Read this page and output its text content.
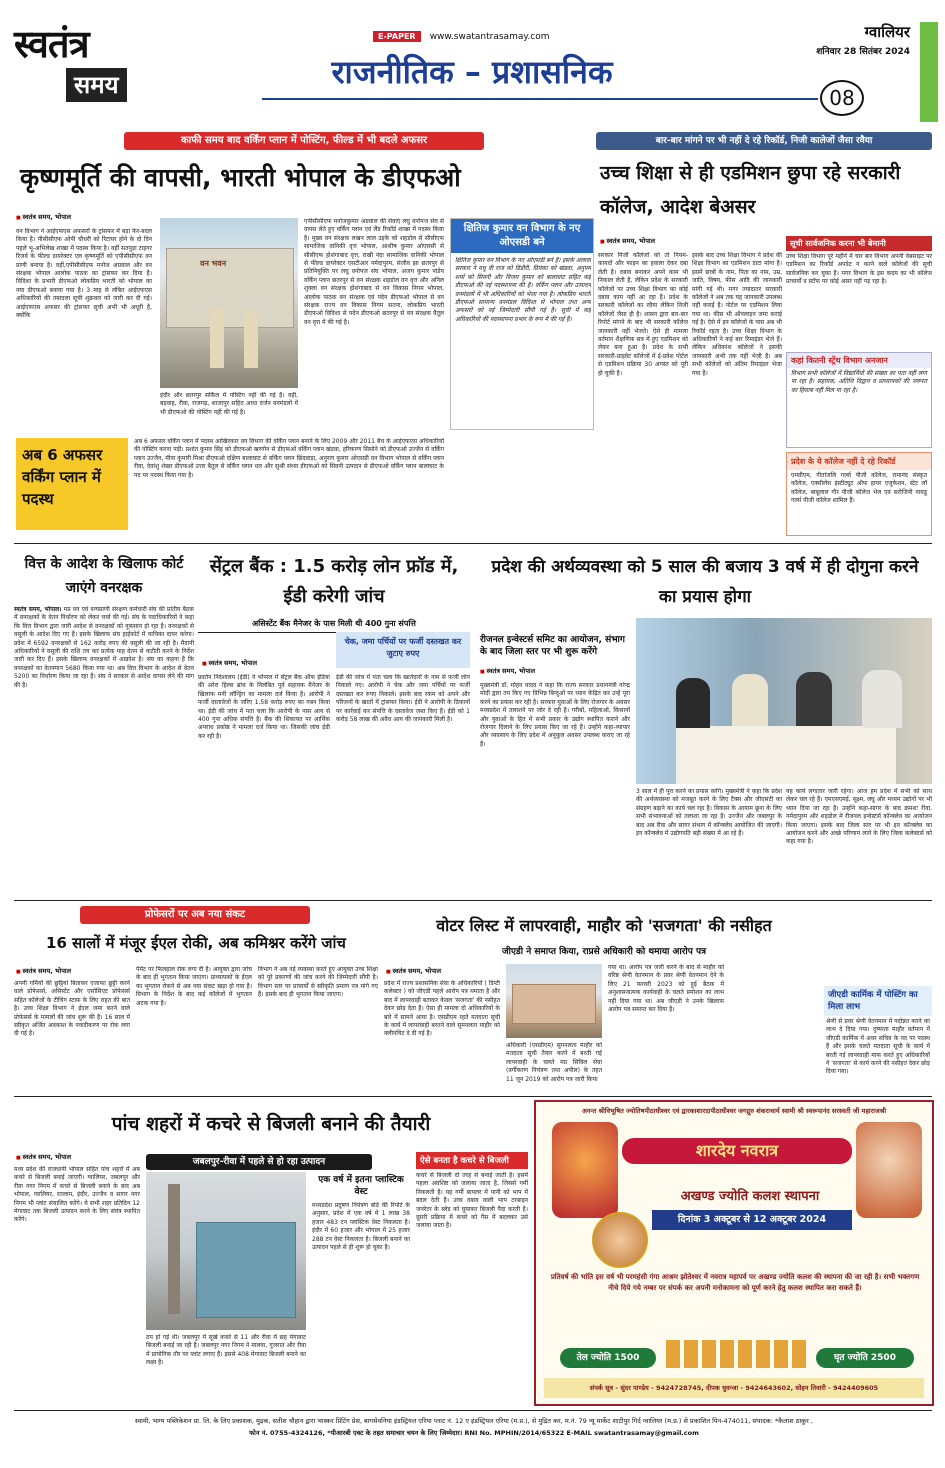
स्वतंत्र
समय
E-PAPER www.swatantrasamay.com
राजनीतिक – प्रशासनिक
ग्वालियर
शनिवार 28 सितंबर 2024
08
काफी समय बाद वर्किंग प्लान में पोस्टिंग, फील्ड में भी बदले अफसर
कृष्णमूर्ति की वापसी, भारती भोपाल के डीएफओ
■ स्वतंत्र समय, भोपाल
वन विभाग ने आईएफएस अफसरों के ट्रांसफर में बड़ा फेर-बदल किया है। पीसीसीएफ ओपी चौधरी को रिटायर होने के दो दिन पहले भू-अभिलेख शाखा में पदस्थ किया है। वहीं सतपुड़ा टाइगर रिजर्व के फील्ड डायरेक्टर एल कृष्णमूर्ति को एपीसीसीएफ वन प्राणी बनाया है। वहीं,एपीसीसीएफ मनोज अग्रवाल और वन संरक्षक भोपाल आलोक पाठक का ट्रांसफर कर दिया है। विदिशा के प्रभारी डीएफओ लोकप्रिय भारती को भोपाल का नया डीएफओ बनाया गया है। 3 माह से लंबित आईएफएस अधिकारियों की तबादला सूची शुक्रवार को जारी कर दी गई। आईएफएस अफसर की ट्रांसफर सूची अभी भी अधूरी है, क्योंकि
वन भवन
इंदौर और छतरपुर सर्किल में पोस्टिंग नहीं की गई है। वहीं, बड़वाह, रीवा, राजगढ़, शाजापुर सहित आधा दर्जन वनमंडलों में भी डीएफओ की पोस्टिंग नहीं की गई है।
एपीसीसीएफ मनोजकुमार अग्रवाल की सेवाएं लघु वनोपज संघ से वापस लेते हुए वर्किंग प्लान एवं लैंड रिकॉर्ड शाखा में पदस्थ किया है। मुख्य वन संरक्षक लखन लाल उइके को शहडोल से सीसीएफ सामाजिक वानिकी वृत्त भोपाल, आशीष कुमार ओएससी से सीसीएफ होशंगाबाद वृत्त, राखी नंदा सामाजिक वानिकी भोपाल से फील्ड डायरेक्टर एसटीआर नर्मदापुरम, संजीव झा छतरपुर से प्रतिनियुक्ति पर लघु वनोपज संघ भोपाल, अजय कुमार पांडेय वर्किंग प्लान छतरपुर से वन संरक्षक शहडोल वन वृत्त और अनिल शुक्ला वन संरक्षक होशंगाबाद से वन विकास निगम भोपाल, आलोक पाठक वन संरक्षक एवं पदेन डीएफओ भोपाल से वन संरक्षक राज्य वन विकास निगम सतना, लोकप्रिय भारती डीएफओ विदिशा से पदेन डीएफओ छतरपुर से वन संरक्षक वैतूल वन वृत्त में की गई है।
क्षितिज कुमार वन विभाग के नए ओएसडी बने
क्षितिज कुमार वन विभाग के नए ओएसडी बने हैं। इसके अलावा सरकार ने मधु वी राज को डिंडौरी, प्रियंका को खंडवा, अनुपम शर्मा को सिवनी और विजय कुमार को बालाघाट सहित कई डीएफओ की नई पदस्थापना की है। वर्किंग प्लान और उत्पादन वनमंडलों में भी अधिकारियों को भेजा गया है। लोकप्रिय भारती डीएफओ सामान्य वनमंडल विदिशा से भोपाल तथा अन्य अफसरों को नई जिम्मेदारी सौंपी गई है। सूची में कई अधिकारियों की पदस्थापना प्रभार के रूप में की गई है।
अब 6 अफसर वर्किंग प्लान में पदस्थ
अब 6 अफसर वर्किंग प्लान में पदस्थ आखिरकार वन विभाग की वर्किंग प्लान बनाने के लिए 2009 और 2011 बैच के आईएफएस अधिकारियों की पोस्टिंग करना पड़ी। प्रशांत कुमार सिंह को डीएफओ खरगोन से डीएफओ वर्किंग प्लान खंडवा, हरिकरण सिसोने को डीएफओ उज्जैन से वर्किंग प्लान उज्जैन, मीना कुमारी मिश्रा डीएफओ दक्षिण बालाघाट से वर्किंग प्लान छिंदवाड़ा, अनुराग कुमार ओएसडी वन विभाग भोपाल से वर्किंग प्लान रीवा, देवांशु शेखर डीएफओ उत्तर बैतूल से वर्किंग प्लान धार और सुश्री संध्या डीएफओ को सिवनी उत्पादन से डीएफओ वर्किंग प्लान बालाघाट के पद पर पदस्थ किया गया है।
बार-बार मांगने पर भी नहीं दे रहे रिकॉर्ड, निजी कालेजों जैसा रवैया
उच्च शिक्षा से ही एडमिशन छुपा रहे सरकारी कॉलेज, आदेश बेअसर
■ स्वतंत्र समय, भोपाल
सरकार निजी कॉलेजों को तो नियम-कायदों और फाइन का हवाला देकर दबा लेती है। दबाव बनाकर अपने काम भी निकाल लेती है, लेकिन प्रदेश के सरकारी कॉलेजों पर उच्च शिक्षा विभाग का कोई दबाव काम नहीं आ रहा है। प्रदेश के सरकारी कॉलेजों का रवैया लेकिन निजी कॉलेजों जैसा ही है। शासन द्वारा बार-बार रिपोर्ट मांगने के बाद भी सरकारी कॉलेज जानकारी नहीं भेजते। ऐसे ही मामला वर्तमान शैक्षणिक सत्र में हुए एडमिशन को लेकर बना हुआ है। प्रदेश के सभी सरकारी-प्राइवेट कॉलेजों में ई-प्रवेश पोर्टल से एडमिशन प्रक्रिया 30 अगस्त को पूरी हो चुकी है।
इसके बाद उच्च शिक्षा विभाग ने प्रदेश की शिक्षा विभाग का एडमिशन डाटा मांगा है। इसमें छात्रों के नाम, पिता का नाम, उम्र, जाति, विषय, फीस आदि की जानकारी मांगी गई थी। मगर ज्यादातर सरकारी कॉलेजों ने अब तक यह जानकारी उपलब्ध नहीं कराई है। पोर्टल पर एडमिशन लिया गया था। फीस भी ऑनलाइन जमा कराई गई है। ऐसे में इन कॉलेजों के पास अब भी रिकॉर्ड रहता है। उच्च शिक्षा विभाग के अधिकारियों ने कई बार रिमाइंडर भेजे हैं। लेकिन अधिकांश कॉलेजों ने इसकी जानकारी अभी तक नहीं भेजी है। अब सभी कॉलेजों को अंतिम रिमाइंडर भेजा गया है।
सूची सार्वजनिक करना भी बेमानी
उच्च शिक्षा विभाग पूरे महीने में चार बार विभाग अपनी वेबसाइट पर एडमिशन का रिकॉर्ड अपडेट न करने वाले कॉलेजों की सूची सार्वजनिक कर चुका है। मगर विभाग के इस कदम का भी कॉलेज प्राचार्यों व स्टॉफ पर कोई असर नहीं पड़ रहा है।
कहां कितनी स्ट्रेंथ विभाग अनजान
विभाग सभी कॉलेजों में विद्यार्थियों की संख्या का पता नहीं लगा पा रहा है। सहायक, अतिथि विद्वान व प्राध्यापकों की जरूरत का हिसाब नहीं मिल पा रहा है।
प्रदेश के ये कॉलेज नहीं दे रहे रिकॉर्ड
एमवीएम, गीतांजलि गर्ल्स पीजी कॉलेज, रामानंद संस्कृत कॉलेज, एक्सीलेंस इंस्टीट्यूट ऑफ हायर एजुकेशन, स्टेट लॉ कॉलेज, बाबूलाल गौर पीजी कॉलेज भेल एवं सरोजिनी नायडू गर्ल्स पीजी कॉलेज शामिल हैं।
वित्त के आदेश के खिलाफ कोर्ट जाएंगे वनरक्षक
स्वतंत्र समय, भोपाल। मप्र वन एवं वन्यप्राणी संरक्षण कर्मचारी संघ की प्रांतीय बैठक में वनरक्षकों के वेतन निर्धारण को लेकर चर्चा की गई। संघ के पदाधिकारियों ने कहा कि वित्त विभाग द्वारा जारी आदेश से वनरक्षकों को नुकसान हो रहा है। वनरक्षकों से वसूली के आदेश दिए गए हैं। इसके खिलाफ संघ हाईकोर्ट में याचिका दायर करेगा। प्रदेश में 6592 वनरक्षकों से 162 करोड़ रुपए की वसूली की जा रही है। मैदानी अधिकारियों ने वसूली की राशि तय कर प्रत्येक माह वेतन से कटौती करने के निर्देश जारी कर दिए हैं। इसके खिलाफ वनरक्षकों में आक्रोश है। संघ का कहना है कि वनरक्षकों का वेतनमान 5680 किया गया था। अब वित्त विभाग के आदेश से वेतन 5200 का निर्धारण किया जा रहा है। संघ ने सरकार से आदेश वापस लेने की मांग की है।
सेंट्रल बैंक : 1.5 करोड़ लोन फ्रॉड में, ईडी करेगी जांच
असिस्टेंट बैंक मैनेजर के पास मिली थी 400 गुना संपत्ति
■ स्वतंत्र समय, भोपाल
प्रवर्तन निदेशालय (ईडी) ने भोपाल में सेंट्रल बैंक ऑफ इंडिया की अरेरा हिल्स ब्रांच के निलंबित पूर्व सहायक मैनेजर के खिलाफ मनी लॉन्ड्रिंग का मामला दर्ज किया है। आरोपी ने फर्जी दस्तावेजों के जरिए 1.58 करोड़ रुपए का गबन किया था। ईडी की जांच में पता चला कि आरोपी के पास आय से 400 गुना अधिक संपत्ति है। बैंक की शिकायत पर आर्थिक अपराध प्रकोष्ठ ने मामला दर्ज किया था। जिसकी जांच ईडी कर रही है।
चेक, जमा पर्चियों पर फर्जी दस्तखत कर जुटाए रुपए
ईडी की जांच में पता चला कि खातेदारों के नाम से फर्जी लोन निकाले गए। आरोपी ने चेक और जमा पर्चियों पर फर्जी दस्तखत कर रुपए निकाले। इसके बाद रकम को अपने और परिजनों के खातों में ट्रांसफर किया। ईडी ने आरोपी के ठिकानों पर कार्रवाई कर संपत्ति के दस्तावेज जब्त किए हैं। ईडी को 1 करोड़ 58 लाख की अवैध आय की जानकारी मिली है।
प्रदेश की अर्थव्यवस्था को 5 साल की बजाय 3 वर्ष में ही दोगुना करने का प्रयास होगा
रीजनल इन्वेस्टर्स समिट का आयोजन, संभाग के बाद जिला स्तर पर भी शुरू करेंगे
■ स्वतंत्र समय, भोपाल
मुख्यमंत्री डॉ. मोहन यादव ने कहा कि राज्य सरकार प्रधानमंत्री नरेन्द्र मोदी द्वारा तय किए गए विभिन्न बिन्दुओं पर ध्यान केंद्रित कर उन्हें पूरा करने का प्रयास कर रही है। सरकार युवाओं के लिए रोजगार के अवसर मध्यप्रदेश में तलाशने पर जोर दे रही है। गरीबों, महिलाओं, किसानों और युवाओं के हित में सभी प्रकार के उद्योग स्थापित कराने और रोजगार दिलाने के लिए प्रयास किए जा रहे हैं। उन्होंने कहा-व्यापार और व्यवसाय के लिए प्रदेश में अनुकूल अवसर उपलब्ध कराए जा रहे हैं।
3 साल में ही पूरा करने का प्रयास करेंगे। मुख्यमंत्री ने कहा कि प्रदेश की अर्थव्यवस्था को मजबूत करने के लिए टैक्स और जीएसटी का संग्रहण बढ़ाने का कार्य चल रहा है। विकास के आयाम छूना के लिए सभी संभावनाओं को तलाशा जा रहा है। उज्जैन और जबलपुर के बाद अब रीवा और सागर संभाग में कॉन्क्लेव आयोजित की जाएगी। इन कॉन्क्लेव में उद्योगपति बड़ी संख्या में आ रहे हैं।
यह कार्य लगातार जारी रहेगा। आज हम प्रदेश में सभी को साथ लेकर चल रहे हैं। एमएसएमई, सूक्ष्म, लघु और मध्यम उद्योगों पर भी ध्यान दिया जा रहा है। उन्होंने कहा-सागर के बाद क्रमशः रीवा, नर्मदापुरम और शहडोल में रीजनल इन्वेस्टर्स कॉन्क्लेव का आयोजन किया जाएगा। इसके बाद जिला स्तर पर भी इन कॉन्क्लेव का आयोजन करने और अच्छे परिणाम लाने के लिए जिला कलेक्टर्स को कहा गया है।
प्रोफेसरों पर अब नया संकट
16 सालों में मंजूर ईएल रोकी, अब कमिश्नर करेंगे जांच
■ स्वतंत्र समय, भोपाल
अपनी गर्मियों की छुट्टियां बिताकर एजाफा छुट्टी करने वाले प्रोफेसर्स, असिस्टेंट और एसोसिएट प्रोफेसर्स सहित कॉलेजों के टीचिंग स्टाफ़ के लिए राहत की बात है। उच्च शिक्षा विभाग ने ईएल जमा करने वाले प्रोफेसर्स के मामलों की जांच शुरू की है। 16 साल में स्वीकृत अर्जित अवकाश के नकदीकरण पर रोक लगा दी गई है।
पेमेंट पर फिलहाल रोक लगा दी है। आयुक्त द्वारा जांच के बाद ही भुगतान किया जाएगा। प्राध्यापकों के ईएल का भुगतान रोकने से अब नया संकट खड़ा हो गया है। विभाग के निर्देश के बाद कई कॉलेजों में भुगतान अटक गया है।
विभाग ने अब नई व्यवस्था करते हुए आयुक्त उच्च शिक्षा को पूरे प्रकरणों की जांच करने की जिम्मेदारी सौंपी है। विभाग स्तर पर प्राचार्यों से स्वीकृति प्रमाण पत्र मांगे गए हैं। इसके बाद ही भुगतान किया जाएगा।
वोटर लिस्ट में लापरवाही, माहौर को 'सजगता' की नसीहत
जीएडी ने समाप्त किया, राप्रसे अधिकारी को थमाया आरोप पत्र
■ स्वतंत्र समय, भोपाल
प्रदेश में राज्य प्रशासनिक सेवा के अधिकारियों ( डिप्टी कलेक्टर ) को जीएडी पहले आरोप पत्र थमाता है और बाद में लापरवाही बताकर केवल 'सजगता' की नसीहत देकर छोड़ देता है। ऐसा ही मामला दो अधिकारियों के बारे में सामने आया है। एसडीएम रहते मतदाता सूची के कार्य में लापरवाही बरतने वाले सुमनलता माहौर को क्लीनचिट दे दी गई है।
अधिकारी (एसडीएम) सुमनलता माहौर को मतदाता सूची तैयार करने में बरती गई लापरवाही के चलते मप्र सिविल सेवा (वर्गीकरण नियंत्रण तथा अपील) के तहत 11 जून 2019 को आरोप पत्र जारी किया
गया था। आरोप पत्र जारी करने के बाद से माहौर को वरिष्ठ श्रेणी वेतनमान के प्रवर श्रेणी वेतनमान देने के लिए 21 फरवरी 2023 को हुई बैठक में अनुशासनात्मक कार्यवाही के चलते प्रमोशन का लाभ नहीं दिया गया था। अब जीएडी ने उनके खिलाफ आरोप पत्र समाप्त कर दिया है।
जीएडी कार्मिक में पोस्टिंग का मिला लाभ
श्रेणी से प्रवर श्रेणी वेतनमान में पदोन्नत करने का लाभ दे दिया गया। दुष्यन्ता माहौर वर्तमान में जीएडी कार्मिक में अवर सचिव के पद पर पदस्थ हैं और इसके चलते मतदाता सूची के कार्य में बरती गई लापरवाही माफ करते हुए अधिकारियों ने 'सजगता' से कार्य करने की नसीहत देकर छोड़ दिया गया।
पांच शहरों में कचरे से बिजली बनाने की तैयारी
■ स्वतंत्र समय, भोपाल
मध्य प्रदेश की राजधानी भोपाल सहित पांच शहरों में अब कचरे से बिजली बनाई जाएगी। ग्वालियर, जबलपुर और रीवा नगर निगम में कचरे से बिजली बनाने के बाद अब भोपाल, ग्वालियर, रतलाम, इंदौर, उज्जैन व सागर नगर निगम भी प्लांट संचालित करेंगे। ये सभी शहर प्रतिदिन 12 मेगावाट तक बिजली उत्पादन करने के लिए संयंत्र स्थापित करेंगे।
जबलपुर-रीवा में पहले से हो रहा उत्पादन
ठप हो गई थी। जबलपुर में सूखे कचरे से 11 और रीवा में छह मेगावाट बिजली बनाई जा रही है। जबलपुर नगर निगम ने मालवा, गुजरात और रीवा में प्रायोगिक तौर पर प्लांट लगाए हैं। इससे 408 मेगावाट बिजली बनाने का लक्ष्य है।
एक वर्ष में इतना प्लास्टिक वेस्ट
मध्यप्रदेश प्रदूषण नियंत्रण बोर्ड की रिपोर्ट के अनुसार, प्रदेश में एक वर्ष में 1 लाख 38 हजार 483 टन प्लास्टिक वेस्ट निकलता है। इंदौर में 60 हजार और भोपाल में 25 हजार 288 टन वेस्ट निकलता है। बिजली बनाने का उत्पादन पहले से ही शुरू हो चुका है।
ऐसे बनता है कचरे से बिजली
कचरे से बिजली दो तरह से बनाई जाती है। इसमें पहला अवशिष्ट को जलाया जाता है, जिससे गर्मी निकलती है। यह गर्मी बायलर में पानी को भाप में बदल देती है। उच्च दबाव वाली भाप टरबाइन जनरेटर के ब्लेड को घुमाकर बिजली पैदा करती है। दूसरी प्रक्रिया में कचरे को गैस में बदलकर उसे जलाया जाता है।
अनन्त श्रीविभूषित ज्योतिषपीठाधीश्वर एवं द्वारकाशारदापीठाधीश्वर जगद्गुरु शंकराचार्य स्वामी श्री स्वरूपानंद सरस्वती जी महाराजश्री
शारदेय नवरात्र
अखण्ड ज्योति कलश स्थापना
दिनांक 3 अक्टूबर से 12 अक्टूबर 2024
प्रतिवर्ष की भांति इस वर्ष भी परमहंसी गंगा आश्रम झोतेश्वर में नवरात्र महापर्व पर अखण्ड ज्योति कलश की स्थापना की जा रही है। सभी भक्तगण नीचे दिये गये नम्बर पर संपर्क कर अपनी मनोकामना को पूर्ण करने हेतु कलश स्थापित करा सकते हैं।
तेल ज्योति 1500	घृत ज्योति 2500
संपर्क सूत्र - सुंदर पाण्डेय - 9424728745, दीपक धुवन्जा - 9424643602, सोहन तिवारी - 9424409605
स्वामी, भाग्य पब्लिकेशन प्रा. लि. के लिए प्रकाशक, मुद्रक, सतीश चौहान द्वारा भास्कर प्रिंटिंग प्रेस, बागसेवनिया इंडस्ट्रियल एरिया प्लाट नं. 12 ए इंडस्ट्रियल एरिया (म.प्र.), से मुद्रित कर, म.नं. 79 न्यू मार्केट शाटीपुर गिर्द ग्वालियर (म.प्र.) से प्रकाशित पिन-474011, संपादक: *कैलाश ठाकुर ,
फोन नं. 0755-4324126, *पीआरबी एक्ट के तहत समाचार चयन के लिए जिम्मेदार। RNI No. MPHIN/2014/65322 E-MAIL swatantrasamay@gmail.com
